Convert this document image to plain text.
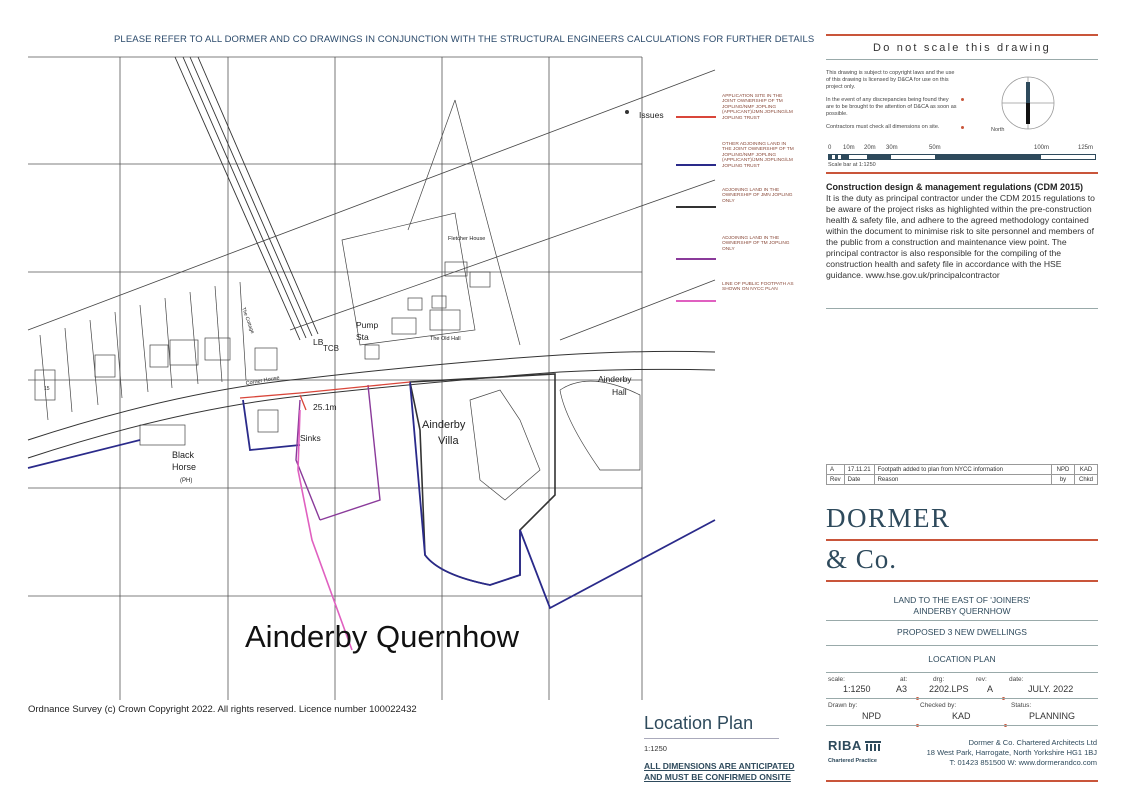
PLEASE REFER TO ALL DORMER AND CO DRAWINGS IN CONJUNCTION WITH THE STRUCTURAL ENGINEERS CALCULATIONS FOR FURTHER DETAILS
Issues
Fletcher House
The Old Hall
Pump
Sta
LB
TCB
Corner House
The Cottage
25.1m
Sinks
Black
Horse
(PH)
Ainderby
Villa
Ainderby
Hall
15
Ainderby Quernhow
Ordnance Survey (c) Crown Copyright 2022. All rights reserved. Licence number 100022432
APPLICATION SITE IN THE JOINT OWNERSHIP OF TM JOPLING/NMF JOPLING (APPLICANT)/JMN JOPLING/LM JOPLING TRUST
OTHER ADJOINING LAND IN THE JOINT OWNERSHIP OF TM JOPLING/NMF JOPLING (APPLICANT)/JMN JOPLING/LM JOPLING TRUST
ADJOINING LAND IN THE OWNERSHIP OF JMN JOPLING ONLY
ADJOINING LAND IN THE OWNERSHIP OF TM JOPLING ONLY
LINE OF PUBLIC FOOTPATH AS SHOWN ON NYCC PLAN
Location Plan
1:1250
ALL DIMENSIONS ARE ANTICIPATED
AND MUST BE CONFIRMED ONSITE
Do not scale this drawing
This drawing is subject to copyright laws and the use of this drawing is licensed by D&CA for use on this project only.
In the event of any discrepancies being found they are to be brought to the attention of D&CA as soon as possible.
Contractors must check all dimensions on site.	North
0 10m 20m 30m	50m	100m	125m
Scale bar at 1:1250
Construction design & management regulations (CDM 2015)
It is the duty as principal contractor under the CDM 2015 regulations to be aware of the project risks as highlighted within the pre-construction health & safety file, and adhere to the agreed methodology contained within the document to minimise risk to site personnel and members of the public from a construction and maintenance view point. The principal contractor is also responsible for the compiling of the construction health and safety file in accordance with the HSE guidance. www.hse.gov.uk/principalcontractor
A	17.11.21	Footpath added to plan from NYCC information	NPD	KAD
Rev	Date	Reason	by	Chkd
DORMER
& Co.
LAND TO THE EAST OF 'JOINERS'
AINDERBY QUERNHOW
PROPOSED 3 NEW DWELLINGS
LOCATION PLAN
scale:
1:1250
at:
A3
drg:
2202.LPS
rev:
A
date:
JULY. 2022
Drawn by:
NPD
Checked by:
KAD
Status:
PLANNING
RIBA
Chartered Practice
Dormer & Co. Chartered Architects Ltd
18 West Park, Harrogate, North Yorkshire HG1 1BJ
T: 01423 851500 W: www.dormerandco.com
